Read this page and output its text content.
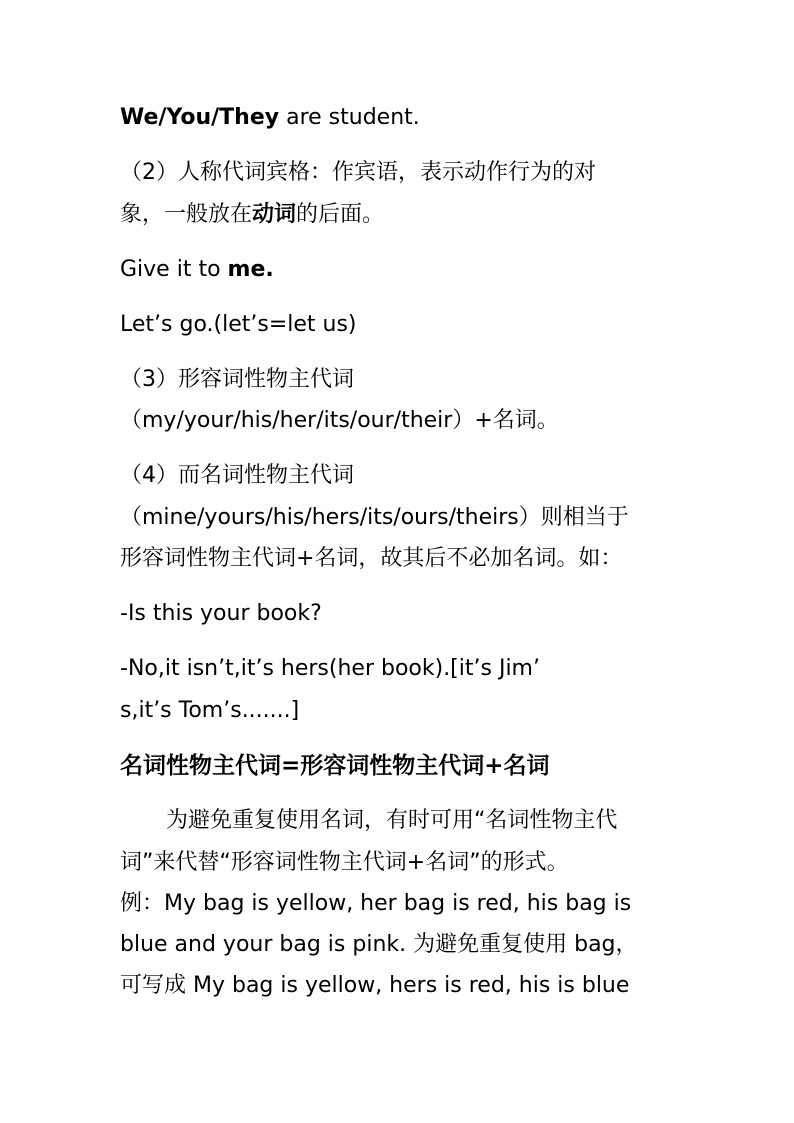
We/You/They are student.
（2）人称代词宾格：作宾语，表示动作行为的对
象，一般放在动词的后面。
Give it to me.
Let’s go.(let’s=let us)
（3）形容词性物主代词
（my/your/his/her/its/our/their）+名词。
（4）而名词性物主代词
（mine/yours/his/hers/its/ours/theirs）则相当于
形容词性物主代词+名词，故其后不必加名词。如：
-Is this your book?
-No,it isn’t,it’s hers(her book).[it’s Jim’
s,it’s Tom’s.......]
名词性物主代词=形容词性物主代词+名词
为避免重复使用名词，有时可用“名词性物主代
词”来代替“形容词性物主代词+名词”的形式。
例：My bag is yellow, her bag is red, his bag is
blue and your bag is pink. 为避免重复使用 bag，
可写成 My bag is yellow, hers is red, his is blue
